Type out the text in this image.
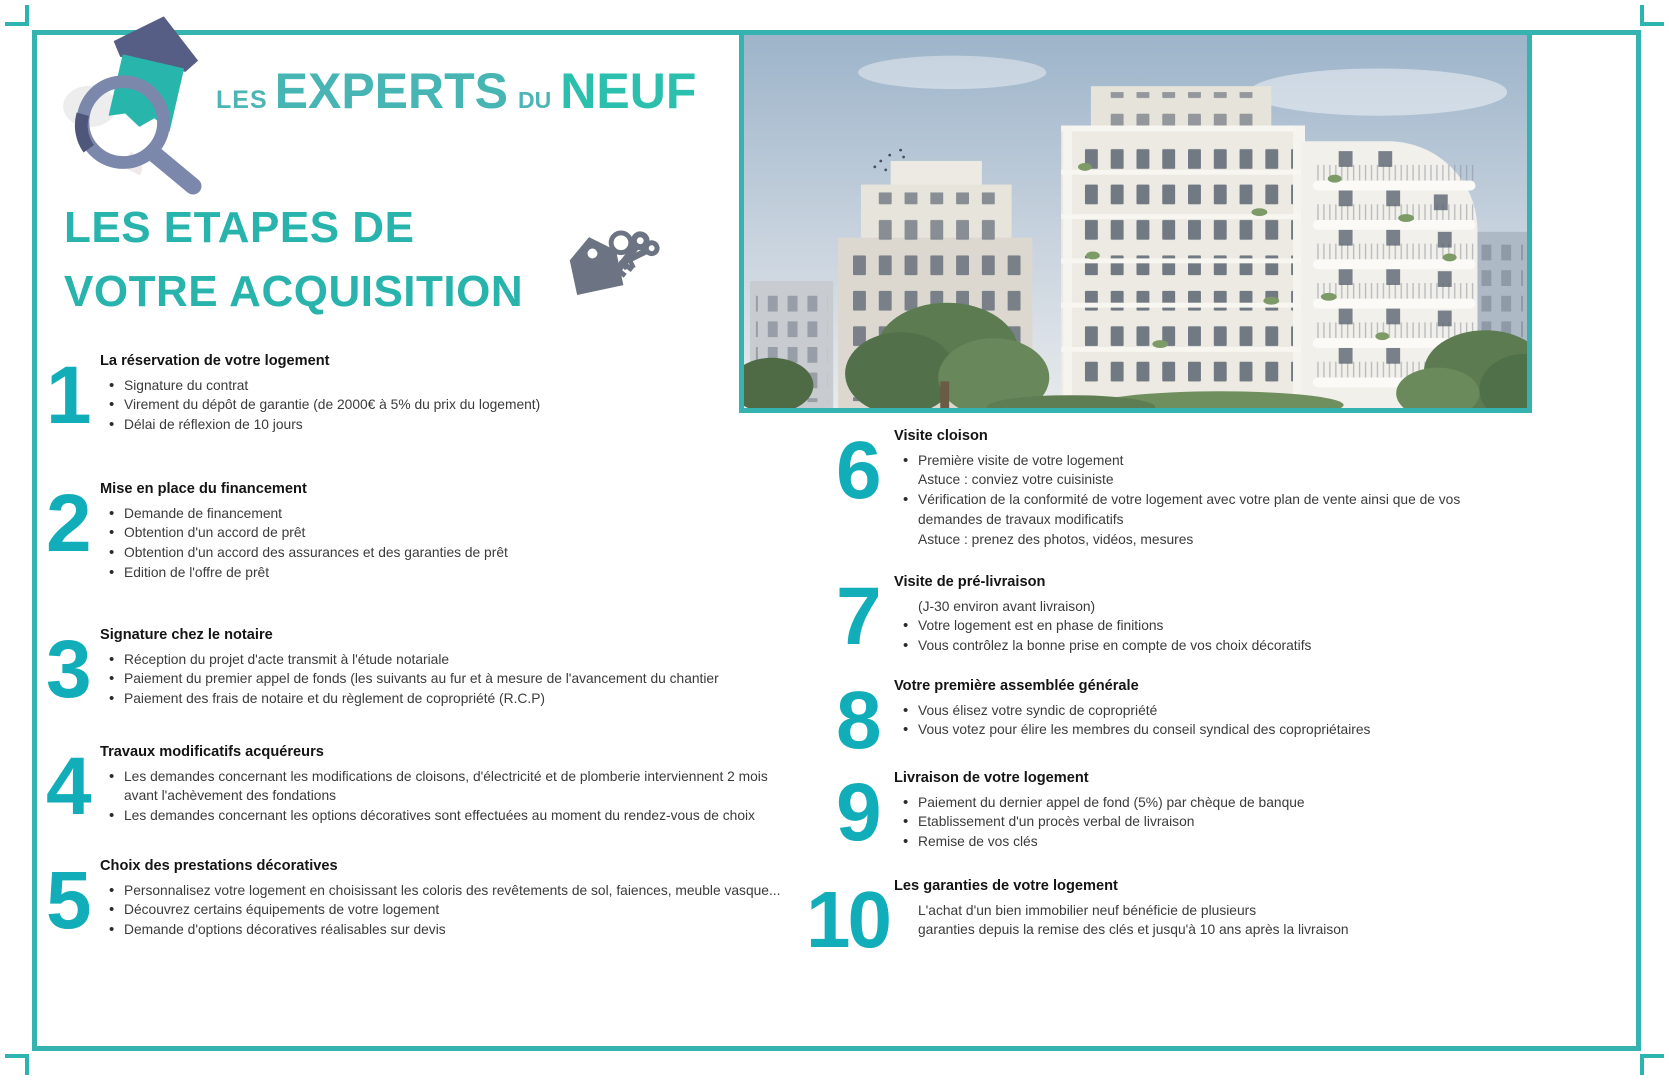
LES EXPERTS DU NEUF
LES ETAPES DE
VOTRE ACQUISITION
1 La réservation de votre logement
• Signature du contrat
• Virement du dépôt de garantie (de 2000€ à 5% du prix du logement)
• Délai de réflexion de 10 jours
2 Mise en place du financement
• Demande de financement
• Obtention d'un accord de prêt
• Obtention d'un accord des assurances et des garanties de prêt
• Edition de l'offre de prêt
3 Signature chez le notaire
• Réception du projet d'acte transmit à l'étude notariale
• Paiement du premier appel de fonds (les suivants au fur et à mesure de l'avancement du chantier
• Paiement des frais de notaire et du règlement de copropriété (R.C.P)
4 Travaux modificatifs acquéreurs
• Les demandes concernant les modifications de cloisons, d'électricité et de plomberie interviennent 2 mois avant l'achèvement des fondations
• Les demandes concernant les options décoratives sont effectuées au moment du rendez-vous de choix
5 Choix des prestations décoratives
• Personnalisez votre logement en choisissant les coloris des revêtements de sol, faiences, meuble vasque...
• Découvrez certains équipements de votre logement
• Demande d'options décoratives réalisables sur devis
6	Visite cloison
• Première visite de votre logement
Astuce : conviez votre cuisiniste
• Vérification de la conformité de votre logement avec votre plan de vente ainsi que de vos demandes de travaux modificatifs
Astuce : prenez des photos, vidéos, mesures
7	Visite de pré-livraison
(J-30 environ avant livraison)
• Votre logement est en phase de finitions
• Vous contrôlez la bonne prise en compte de vos choix décoratifs
8	Votre première assemblée générale
• Vous élisez votre syndic de copropriété
• Vous votez pour élire les membres du conseil syndical des copropriétaires
9	Livraison de votre logement
• Paiement du dernier appel de fond (5%) par chèque de banque
• Etablissement d'un procès verbal de livraison
• Remise de vos clés
10 Les garanties de votre logement
L'achat d'un bien immobilier neuf bénéficie de plusieurs
garanties depuis la remise des clés et jusqu'à 10 ans après la livraison
